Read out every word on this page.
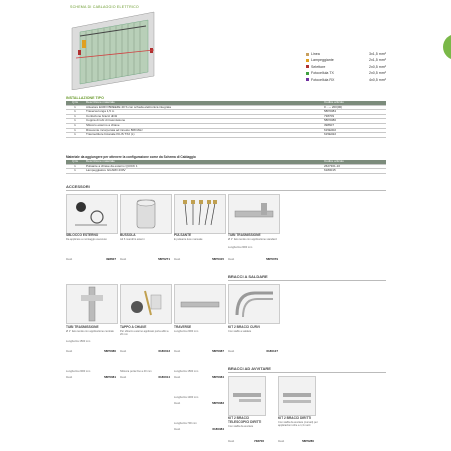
SCHEMA DI CABLAGGIO ELETTRICO
Linea	3x1,5 mm²
Lampeggiante	2x1,5 mm²
Selettore	2x0,5 mm²
Fotocellula TX	2x0,5 mm²
Fotocellula RX	4x0,5 mm²
INSTALLAZIONE TIPO
Q.tà	Descrizione materiale	Codice articolo
1	Attuatore EURO BREEZE 40 S con scheda elettronica integrata	0 ...-- 200(00)
1	Traversa lunga 1,5 m	58P0084
1	Confezione bracci diritti	738709
1	Coppia di tubi di trasmissione	58P0080
1	Sblocco esterno a chiave	398607
1	Ricevente incorporata ad innesto 868 MHz	615E002
1	Trasmettitore bicanale KILIS TX2 (L)	615E022
Materiale da aggiungere per ottenere la configurazione come da Schema di Cablaggio
Q.tà	Descrizione materiale	Codice articolo
1	Pulsante a chiave da esterno QUICK 1	2627301-10
1	Lampeggiatore GUARD 230V	6180015
ACCESSORI
SBLOCCO ESTERNO
Da applicare a montaggio avvenuto
Cod.	398607
BUSSOLA
Ad 6 mandrini esterni
Cod.	58P0271
PULSANTE
E pulsante luce manuale
Cod.	58P0315
TUBI TRASMISSIONE
Ø 1" lieto tende con applicazione standard
Lunghezza 2000 mm
Cod.	58P0079
BRACCI A SALDARE
TUBI TRASMISSIONE
Ø 1" lieto tende con applicazione centrale
Lunghezza 1500 mm
Cod.	58P0080
Lunghezza 2000 mm
Cod.	58P0081
TAPPO A CHIAVE
Per sblocco esterno applicato porta abbi a 20 mm
Cod.	6180013
Sblocca porta fino a 40 mm
Cod.	6180014
TRAVERSE
Lunghezza 2000 mm
Cod.	58P0087
Lunghezza 1500 mm
Cod.	58P0084
Lunghezza 1300 mm
Cod.	58P0083
Lunghezza 700 mm
Cod.	6180384
KIT 2 BRACCI CURVI
Con staffe a saldare
Cod.	6180127
BRACCI AD AVVITARE
KIT 2 BRACCI TELESCOPICI DIRITTI
Con staffa da avvitare
Cod.	738706
KIT 2 BRACCI DIRITTI
Con staffa da avvitare (curvati) per applicazioni oltre a 1,3 metri
Cod.	58P0280
